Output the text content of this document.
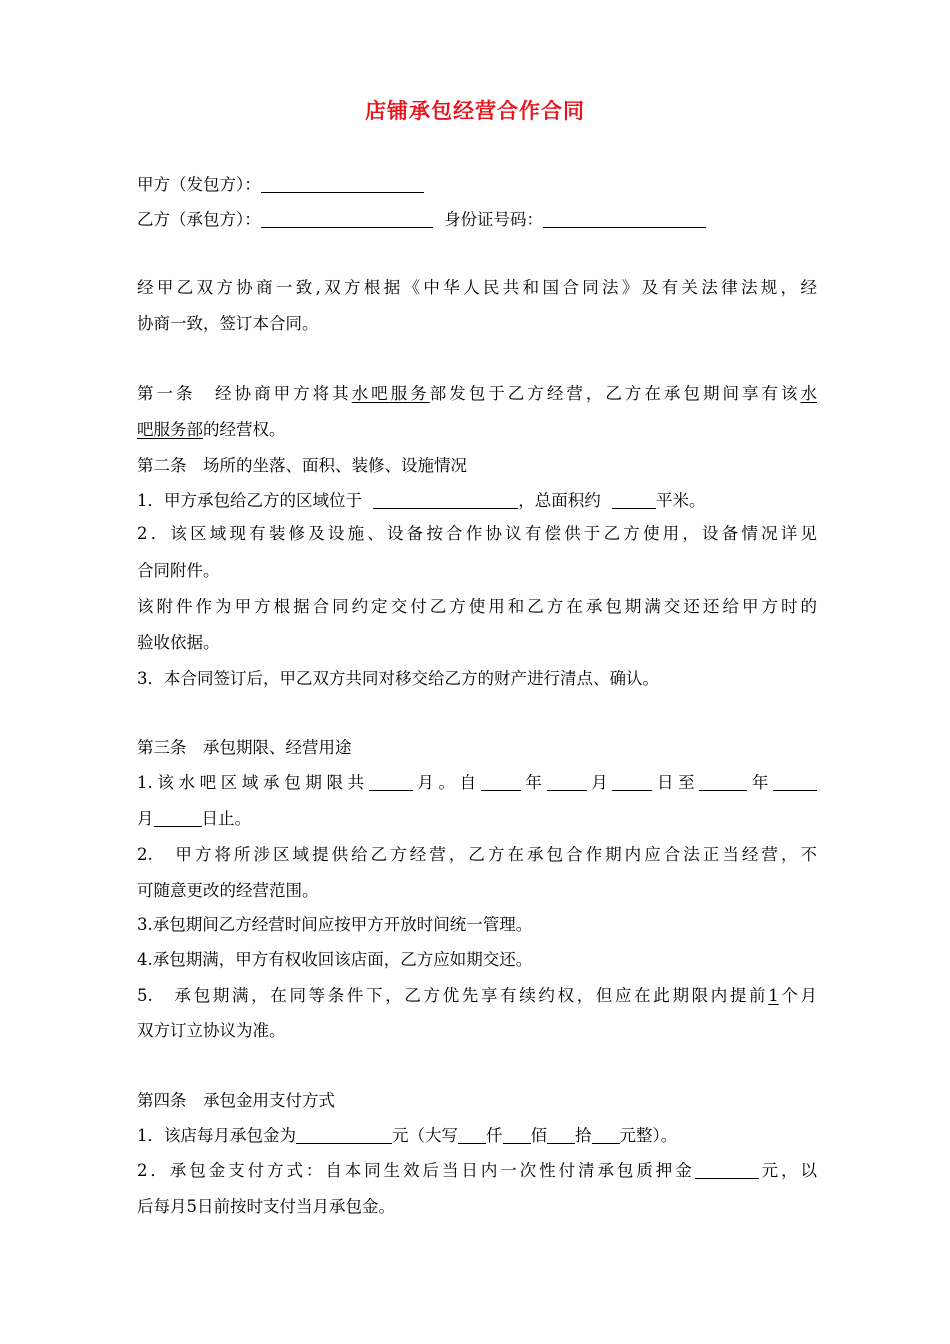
店铺承包经营合作合同
甲方（发包方）：
乙方（承包方）：	身份证号码：
经甲乙双方协商一致,双方根据《中华人民共和国合同法》及有关法律法规，经
协商一致，签订本合同。
第一条　经协商甲方将其水吧服务部发包于乙方经营，乙方在承包期间享有该水
吧服务部的经营权。
第二条　场所的坐落、面积、装修、设施情况
1．甲方承包给乙方的区域位于	，总面积约	平米。
2．该区域现有装修及设施、设备按合作协议有偿供于乙方使用，设备情况详见
合同附件。
该附件作为甲方根据合同约定交付乙方使用和乙方在承包期满交还还给甲方时的
验收依据。
3．本合同签订后，甲乙双方共同对移交给乙方的财产进行清点、确认。
第三条　承包期限、经营用途
1.该水吧区域承包期限共	月。自 年 月 日至	年
月	日止。
2.　甲方将所涉区域提供给乙方经营，乙方在承包合作期内应合法正当经营，不
可随意更改的经营范围。
3.承包期间乙方经营时间应按甲方开放时间统一管理。
4.承包期满，甲方有权收回该店面，乙方应如期交还。
5.　承包期满，在同等条件下，乙方优先享有续约权，但应在此期限内提前1个月
双方订立协议为准。
第四条　承包金用支付方式
1．该店每月承包金为	元（大写 仟 佰 拾 元整）。
2．承包金支付方式：自本同生效后当日内一次性付清承包质押金	元，以
后每月5日前按时支付当月承包金。
